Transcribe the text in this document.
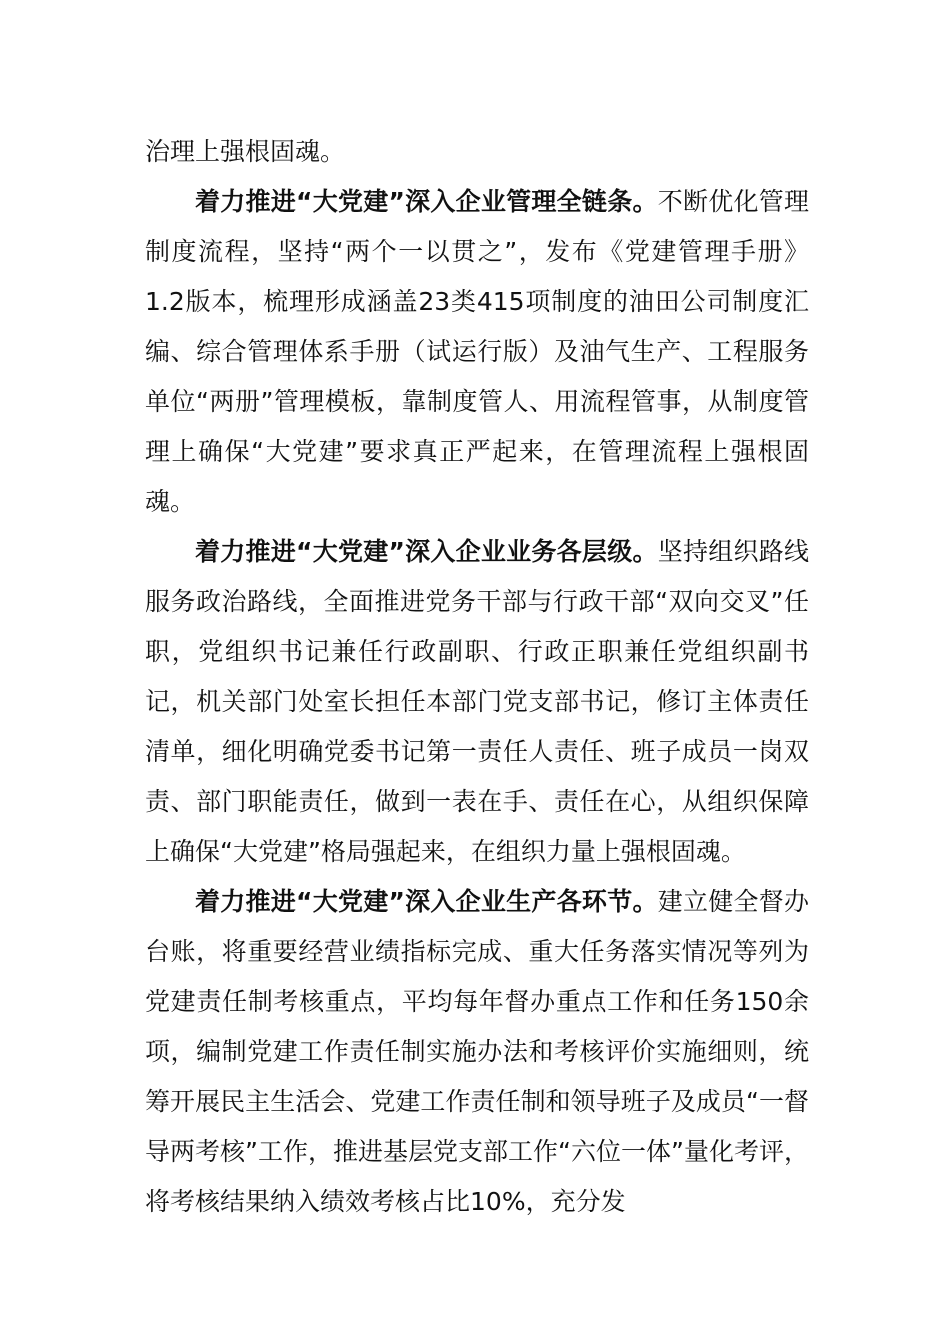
治理上强根固魂。

着力推进“大党建”深入企业管理全链条。不断优化管理制度流程，坚持“两个一以贯之”，发布《党建管理手册》1.2版本，梳理形成涵盖23类415项制度的油田公司制度汇编、综合管理体系手册（试运行版）及油气生产、工程服务单位“两册”管理模板，靠制度管人、用流程管事，从制度管理上确保“大党建”要求真正严起来，在管理流程上强根固魂。

着力推进“大党建”深入企业业务各层级。坚持组织路线服务政治路线，全面推进党务干部与行政干部“双向交叉”任职，党组织书记兼任行政副职、行政正职兼任党组织副书记，机关部门处室长担任本部门党支部书记，修订主体责任清单，细化明确党委书记第一责任人责任、班子成员一岗双责、部门职能责任，做到一表在手、责任在心，从组织保障上确保“大党建”格局强起来，在组织力量上强根固魂。

着力推进“大党建”深入企业生产各环节。建立健全督办台账，将重要经营业绩指标完成、重大任务落实情况等列为党建责任制考核重点，平均每年督办重点工作和任务150余项，编制党建工作责任制实施办法和考核评价实施细则，统筹开展民主生活会、党建工作责任制和领导班子及成员“一督导两考核”工作，推进基层党支部工作“六位一体”量化考评，将考核结果纳入绩效考核占比10%，充分发
